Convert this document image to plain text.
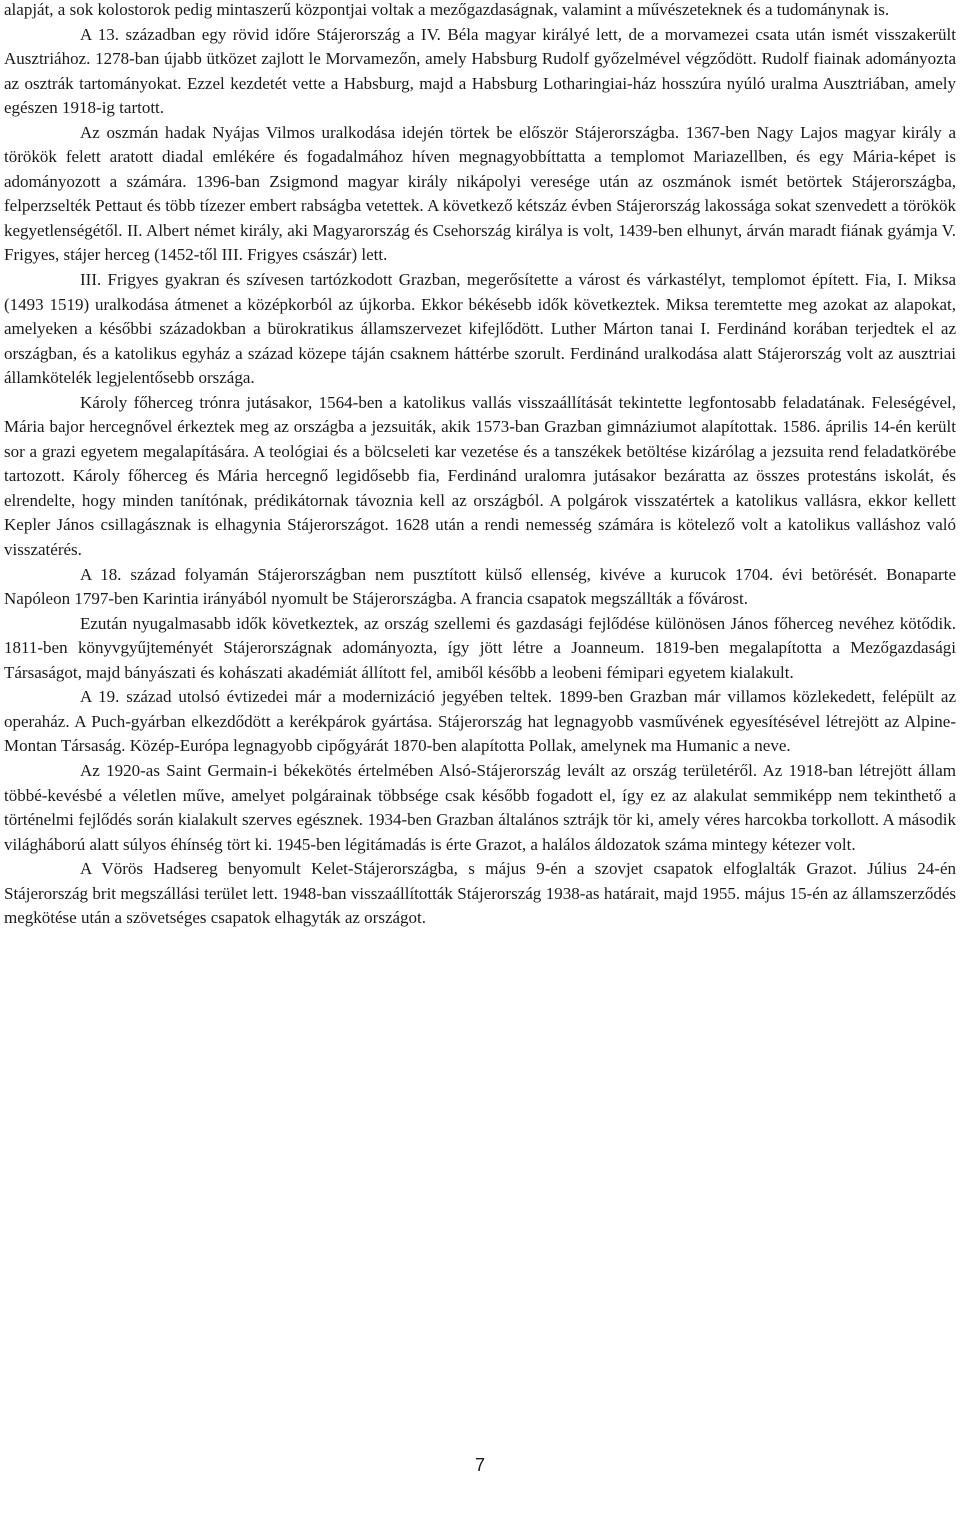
alapját, a sok kolostorok pedig mintaszerű központjai voltak a mezőgazdaságnak, valamint a művészeteknek és a tudománynak is.

A 13. században egy rövid időre Stájerország a IV. Béla magyar királyé lett, de a morvamezei csata után ismét visszakerült Ausztriához. 1278-ban újabb ütközet zajlott le Morvamezőn, amely Habsburg Rudolf győzelmével végződött. Rudolf fiainak adományozta az osztrák tartományokat. Ezzel kezdetét vette a Habsburg, majd a Habsburg Lotharingiai-ház hosszúra nyúló uralma Ausztriában, amely egészen 1918-ig tartott.

Az oszmán hadak Nyájas Vilmos uralkodása idején törtek be először Stájerországba. 1367-ben Nagy Lajos magyar király a törökök felett aratott diadal emlékére és fogadalmához híven megnagyobbíttatta a templomot Mariazellben, és egy Mária-képet is adományozott a számára. 1396-ban Zsigmond magyar király nikápolyi veresége után az oszmánok ismét betörtek Stájerországba, felperzselték Pettaut és több tízezer embert rabságba vetettek. A következő kétszáz évben Stájerország lakossága sokat szenvedett a törökök kegyetlenségétől. II. Albert német király, aki Magyarország és Csehország királya is volt, 1439-ben elhunyt, árván maradt fiának gyámja V. Frigyes, stájer herceg (1452-től III. Frigyes császár) lett.

III. Frigyes gyakran és szívesen tartózkodott Grazban, megerősítette a várost és várkastélyt, templomot épített. Fia, I. Miksa (1493 1519) uralkodása átmenet a középkorból az újkorba. Ekkor békésebb idők következtek. Miksa teremtette meg azokat az alapokat, amelyeken a későbbi századokban a bürokratikus államszervezet kifejlődött. Luther Márton tanai I. Ferdinánd korában terjedtek el az országban, és a katolikus egyház a század közepe táján csaknem háttérbe szorult. Ferdinánd uralkodása alatt Stájerország volt az ausztriai államkötelék legjelentősebb országa.

Károly főherceg trónra jutásakor, 1564-ben a katolikus vallás visszaállítását tekintette legfontosabb feladatának. Feleségével, Mária bajor hercegnővel érkeztek meg az országba a jezsuiták, akik 1573-ban Grazban gimnáziumot alapítottak. 1586. április 14-én került sor a grazi egyetem megalapítására. A teológiai és a bölcseleti kar vezetése és a tanszékek betöltése kizárólag a jezsuita rend feladatkörébe tartozott. Károly főherceg és Mária hercegnő legidősebb fia, Ferdinánd uralomra jutásakor bezáratta az összes protestáns iskolát, és elrendelte, hogy minden tanítónak, prédikátornak távoznia kell az országból. A polgárok visszatértek a katolikus vallásra, ekkor kellett Kepler János csillagásznak is elhagynia Stájerországot. 1628 után a rendi nemesség számára is kötelező volt a katolikus valláshoz való visszatérés.

A 18. század folyamán Stájerországban nem pusztított külső ellenség, kivéve a kurucok 1704. évi betörését. Bonaparte Napóleon 1797-ben Karintia irányából nyomult be Stájerországba. A francia csapatok megszállták a fővárost.

Ezután nyugalmasabb idők következtek, az ország szellemi és gazdasági fejlődése különösen János főherceg nevéhez kötődik. 1811-ben könyvgyűjteményét Stájerországnak adományozta, így jött létre a Joanneum. 1819-ben megalapította a Mezőgazdasági Társaságot, majd bányászati és kohászati akadémiát állított fel, amiből később a leobeni fémipari egyetem kialakult.

A 19. század utolsó évtizedei már a modernizáció jegyében teltek. 1899-ben Grazban már villamos közlekedett, felépült az operaház. A Puch-gyárban elkezdődött a kerékpárok gyártása. Stájerország hat legnagyobb vasművének egyesítésével létrejött az Alpine-Montan Társaság. Közép-Európa legnagyobb cipőgyárát 1870-ben alapította Pollak, amelynek ma Humanic a neve.

Az 1920-as Saint Germain-i békekötés értelmében Alsó-Stájerország levált az ország területéről. Az 1918-ban létrejött állam többé-kevésbé a véletlen műve, amelyet polgárainak többsége csak később fogadott el, így ez az alakulat semmiképp nem tekinthető a történelmi fejlődés során kialakult szerves egésznek. 1934-ben Grazban általános sztrájk tör ki, amely véres harcokba torkollott. A második világháború alatt súlyos éhínség tört ki. 1945-ben légitámadás is érte Grazot, a halálos áldozatok száma mintegy kétezer volt.

A Vörös Hadsereg benyomult Kelet-Stájerországba, s május 9-én a szovjet csapatok elfoglalták Grazot. Július 24-én Stájerország brit megszállási terület lett. 1948-ban visszaállították Stájerország 1938-as határait, majd 1955. május 15-én az államszerződés megkötése után a szövetséges csapatok elhagyták az országot.

7
